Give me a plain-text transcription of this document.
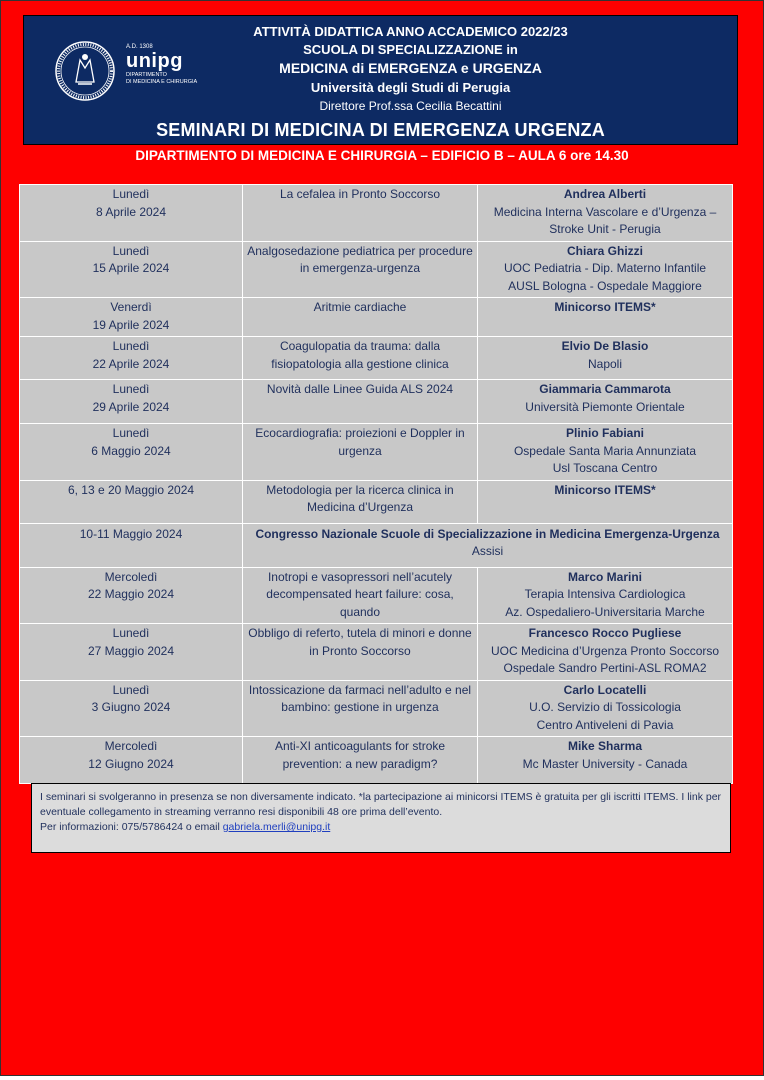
A.D. 1308
unipg
DIPARTIMENTO
DI MEDICINA E CHIRURGIA
ATTIVITÀ DIDATTICA ANNO ACCADEMICO 2022/23
SCUOLA DI SPECIALIZZAZIONE in
MEDICINA di EMERGENZA e URGENZA
Università degli Studi di Perugia
Direttore Prof.ssa Cecilia Becattini
SEMINARI DI MEDICINA DI EMERGENZA URGENZA
DIPARTIMENTO DI MEDICINA E CHIRURGIA – EDIFICIO B – AULA 6 ore 14.30
Lunedì
8 Aprile 2024	La cefalea in Pronto Soccorso	Andrea Alberti
Medicina Interna Vascolare e d’Urgenza –
Stroke Unit - Perugia

Lunedì
15 Aprile 2024	Analgosedazione pediatrica per procedure in emergenza-urgenza	Chiara Ghizzi
UOC Pediatria - Dip. Materno Infantile
AUSL Bologna - Ospedale Maggiore

Venerdì
19 Aprile 2024	Aritmie cardiache	Minicorso ITEMS*

Lunedì
22 Aprile 2024	Coagulopatia da trauma: dalla fisiopatologia alla gestione clinica	Elvio De Blasio
Napoli

Lunedì
29 Aprile 2024	Novità dalle Linee Guida ALS 2024	Giammaria Cammarota
Università Piemonte Orientale

Lunedì
6 Maggio 2024	Ecocardiografia: proiezioni e Doppler in urgenza	Plinio Fabiani
Ospedale Santa Maria Annunziata
Usl Toscana Centro

6, 13 e 20 Maggio 2024	Metodologia per la ricerca clinica in Medicina d’Urgenza	Minicorso ITEMS*

10-11 Maggio 2024	Congresso Nazionale Scuole di Specializzazione in Medicina Emergenza-Urgenza
Assisi	

Mercoledì
22 Maggio 2024	Inotropi e vasopressori nell’acutely decompensated heart failure: cosa, quando	Marco Marini
Terapia Intensiva Cardiologica
Az. Ospedaliero-Universitaria Marche

Lunedì
27 Maggio 2024	Obbligo di referto, tutela di minori e donne in Pronto Soccorso	Francesco Rocco Pugliese
UOC Medicina d’Urgenza Pronto Soccorso
Ospedale Sandro Pertini-ASL ROMA2

Lunedì
3 Giugno 2024	Intossicazione da farmaci nell’adulto e nel bambino: gestione in urgenza	Carlo Locatelli
U.O. Servizio di Tossicologia
Centro Antiveleni di Pavia

Mercoledì
12 Giugno 2024	Anti-XI anticoagulants for stroke prevention: a new paradigm?	Mike Sharma
Mc Master University - Canada
I seminari si svolgeranno in presenza se non diversamente indicato. *la partecipazione ai minicorsi ITEMS è gratuita per gli iscritti ITEMS. I link per eventuale collegamento in streaming verranno resi disponibili 48 ore prima dell’evento.
Per informazioni: 075/5786424 o email gabriela.merli@unipg.it
